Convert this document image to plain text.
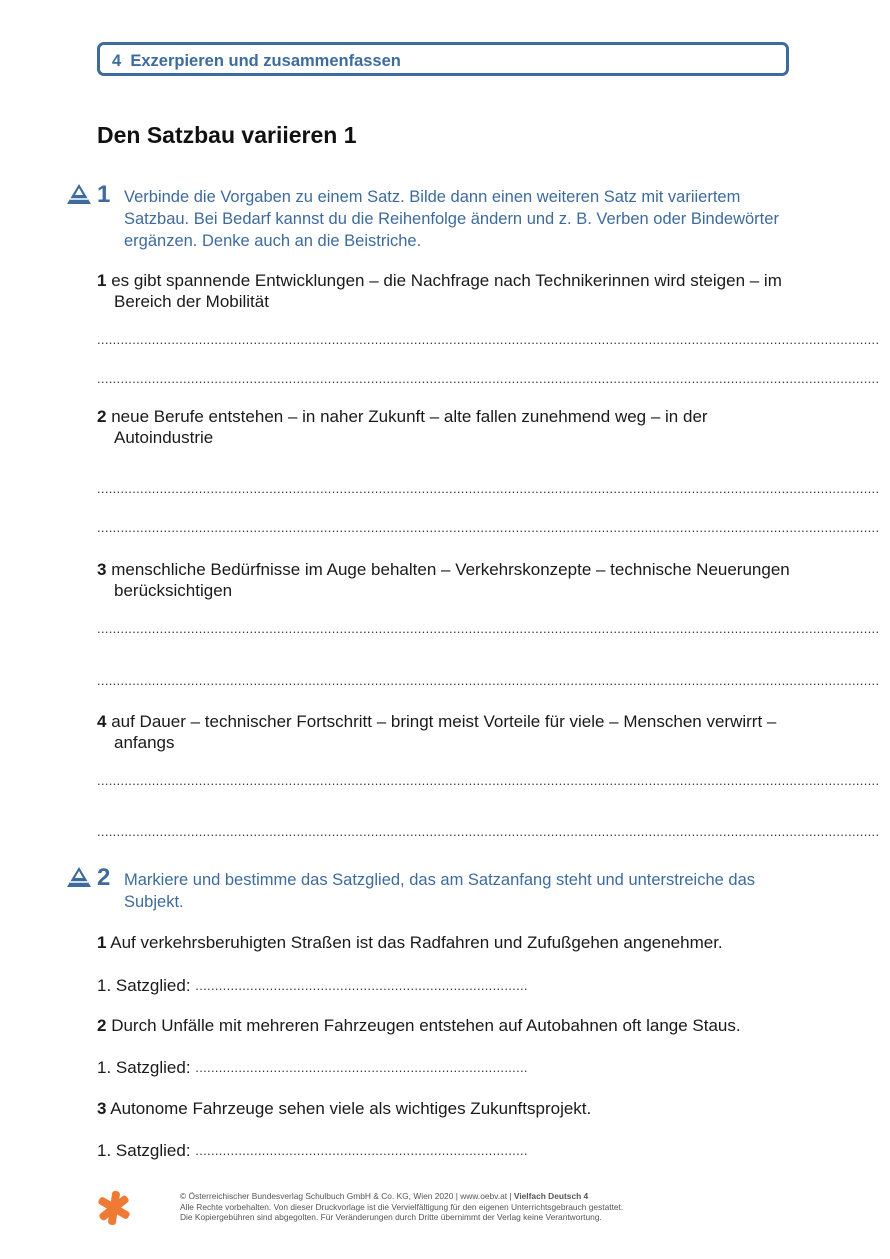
4 Exzerpieren und zusammenfassen
Den Satzbau variieren 1
1 Verbinde die Vorgaben zu einem Satz. Bilde dann einen weiteren Satz mit variiertem Satzbau. Bei Bedarf kannst du die Reihenfolge ändern und z. B. Verben oder Bindewörter ergänzen. Denke auch an die Beistriche.

1 es gibt spannende Entwicklungen – die Nachfrage nach Technikerinnen wird steigen – im Bereich der Mobilität
........................................................................................................................................................................................................
........................................................................................................................................................................................................
2 neue Berufe entstehen – in naher Zukunft – alte fallen zunehmend weg – in der Autoindustrie
........................................................................................................................................................................................................
........................................................................................................................................................................................................
3 menschliche Bedürfnisse im Auge behalten – Verkehrskonzepte – technische Neuerungen berücksichtigen
........................................................................................................................................................................................................
........................................................................................................................................................................................................
4 auf Dauer – technischer Fortschritt – bringt meist Vorteile für viele – Menschen verwirrt – anfangs
........................................................................................................................................................................................................
........................................................................................................................................................................................................
2 Markiere und bestimme das Satzglied, das am Satzanfang steht und unterstreiche das Subjekt.

1 Auf verkehrsberuhigten Straßen ist das Radfahren und Zufußgehen angenehmer.
1. Satzglied: .....................................................................................
2 Durch Unfälle mit mehreren Fahrzeugen entstehen auf Autobahnen oft lange Staus.
1. Satzglied: .....................................................................................
3 Autonome Fahrzeuge sehen viele als wichtiges Zukunftsprojekt.
1. Satzglied: .....................................................................................
© Österreichischer Bundesverlag Schulbuch GmbH & Co. KG, Wien 2020 | www.oebv.at | Vielfach Deutsch 4
Alle Rechte vorbehalten. Von dieser Druckvorlage ist die Vervielfältigung für den eigenen Unterrichtsgebrauch gestattet.
Die Kopiergebühren sind abgegolten. Für Veränderungen durch Dritte übernimmt der Verlag keine Verantwortung.
